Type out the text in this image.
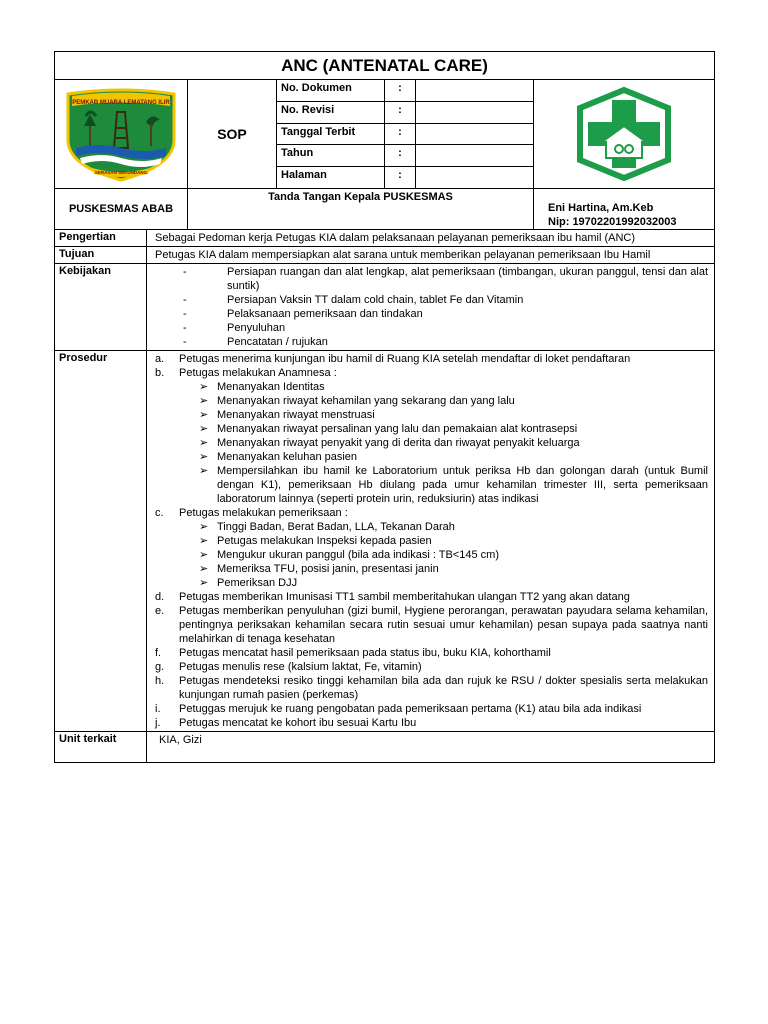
ANC (ANTENATAL CARE)
PEMKAB MUARA LEMATANG ILIR
SERASAN SEKUNDANG
SOP
No. Dokumen	:
No. Revisi	:
Tanggal Terbit	:
Tahun	:
Halaman	:
PUSKESMAS ABAB
Tanda Tangan Kepala PUSKESMAS
Eni Hartina, Am.Keb
Nip: 19702201992032003
Pengertian	Sebagai Pedoman kerja Petugas KIA dalam pelaksanaan pelayanan pemeriksaan ibu hamil (ANC)
Tujuan	Petugas KIA dalam mempersiapkan alat sarana untuk memberikan pelayanan pemeriksaan Ibu Hamil
Kebijakan	-	Persiapan ruangan dan alat lengkap, alat pemeriksaan (timbangan, ukuran panggul, tensi dan alat suntik)
-	Persiapan Vaksin TT dalam cold chain, tablet Fe dan Vitamin
-	Pelaksanaan pemeriksaan dan tindakan
-	Penyuluhan
-	Pencatatan / rujukan
Prosedur	a.	Petugas menerima kunjungan ibu hamil di Ruang KIA setelah mendaftar di loket pendaftaran
b.	Petugas melakukan Anamnesa :
➢ Menanyakan Identitas
➢ Menanyakan riwayat kehamilan yang sekarang dan yang lalu
➢ Menanyakan riwayat menstruasi
➢ Menanyakan riwayat persalinan yang lalu dan pemakaian alat kontrasepsi
➢ Menanyakan riwayat penyakit yang di derita dan riwayat penyakit keluarga
➢ Menanyakan keluhan pasien
➢ Mempersilahkan ibu hamil ke Laboratorium untuk periksa Hb dan golongan darah (untuk Bumil dengan K1), pemeriksaan Hb diulang pada umur kehamilan trimester III, serta pemeriksaan laboratorum lainnya (seperti protein urin, reduksiurin) atas indikasi
c.	Petugas melakukan pemeriksaan :
➢ Tinggi Badan, Berat Badan, LLA, Tekanan Darah
➢ Petugas melakukan Inspeksi kepada pasien
➢ Mengukur ukuran panggul (bila ada indikasi : TB<145 cm)
➢ Memeriksa TFU, posisi janin, presentasi janin
➢ Pemeriksan DJJ
d.	Petugas memberikan Imunisasi TT1 sambil memberitahukan ulangan TT2 yang akan datang
e.	Petugas memberikan penyuluhan (gizi bumil, Hygiene perorangan, perawatan payudara selama kehamilan, pentingnya periksakan kehamilan secara rutin sesuai umur kehamilan) pesan supaya pada saatnya nanti melahirkan di tenaga kesehatan
f.	Petugas mencatat hasil pemeriksaan pada status ibu, buku KIA, kohorthamil
g.	Petugas menulis rese (kalsium laktat, Fe, vitamin)
h.	Petugas mendeteksi resiko tinggi kehamilan bila ada dan rujuk ke RSU / dokter spesialis serta melakukan kunjungan rumah pasien (perkemas)
i.	Petuggas merujuk ke ruang pengobatan pada pemeriksaan pertama (K1) atau bila ada indikasi
j.	Petugas mencatat ke kohort ibu sesuai Kartu Ibu
Unit terkait	KIA, Gizi
